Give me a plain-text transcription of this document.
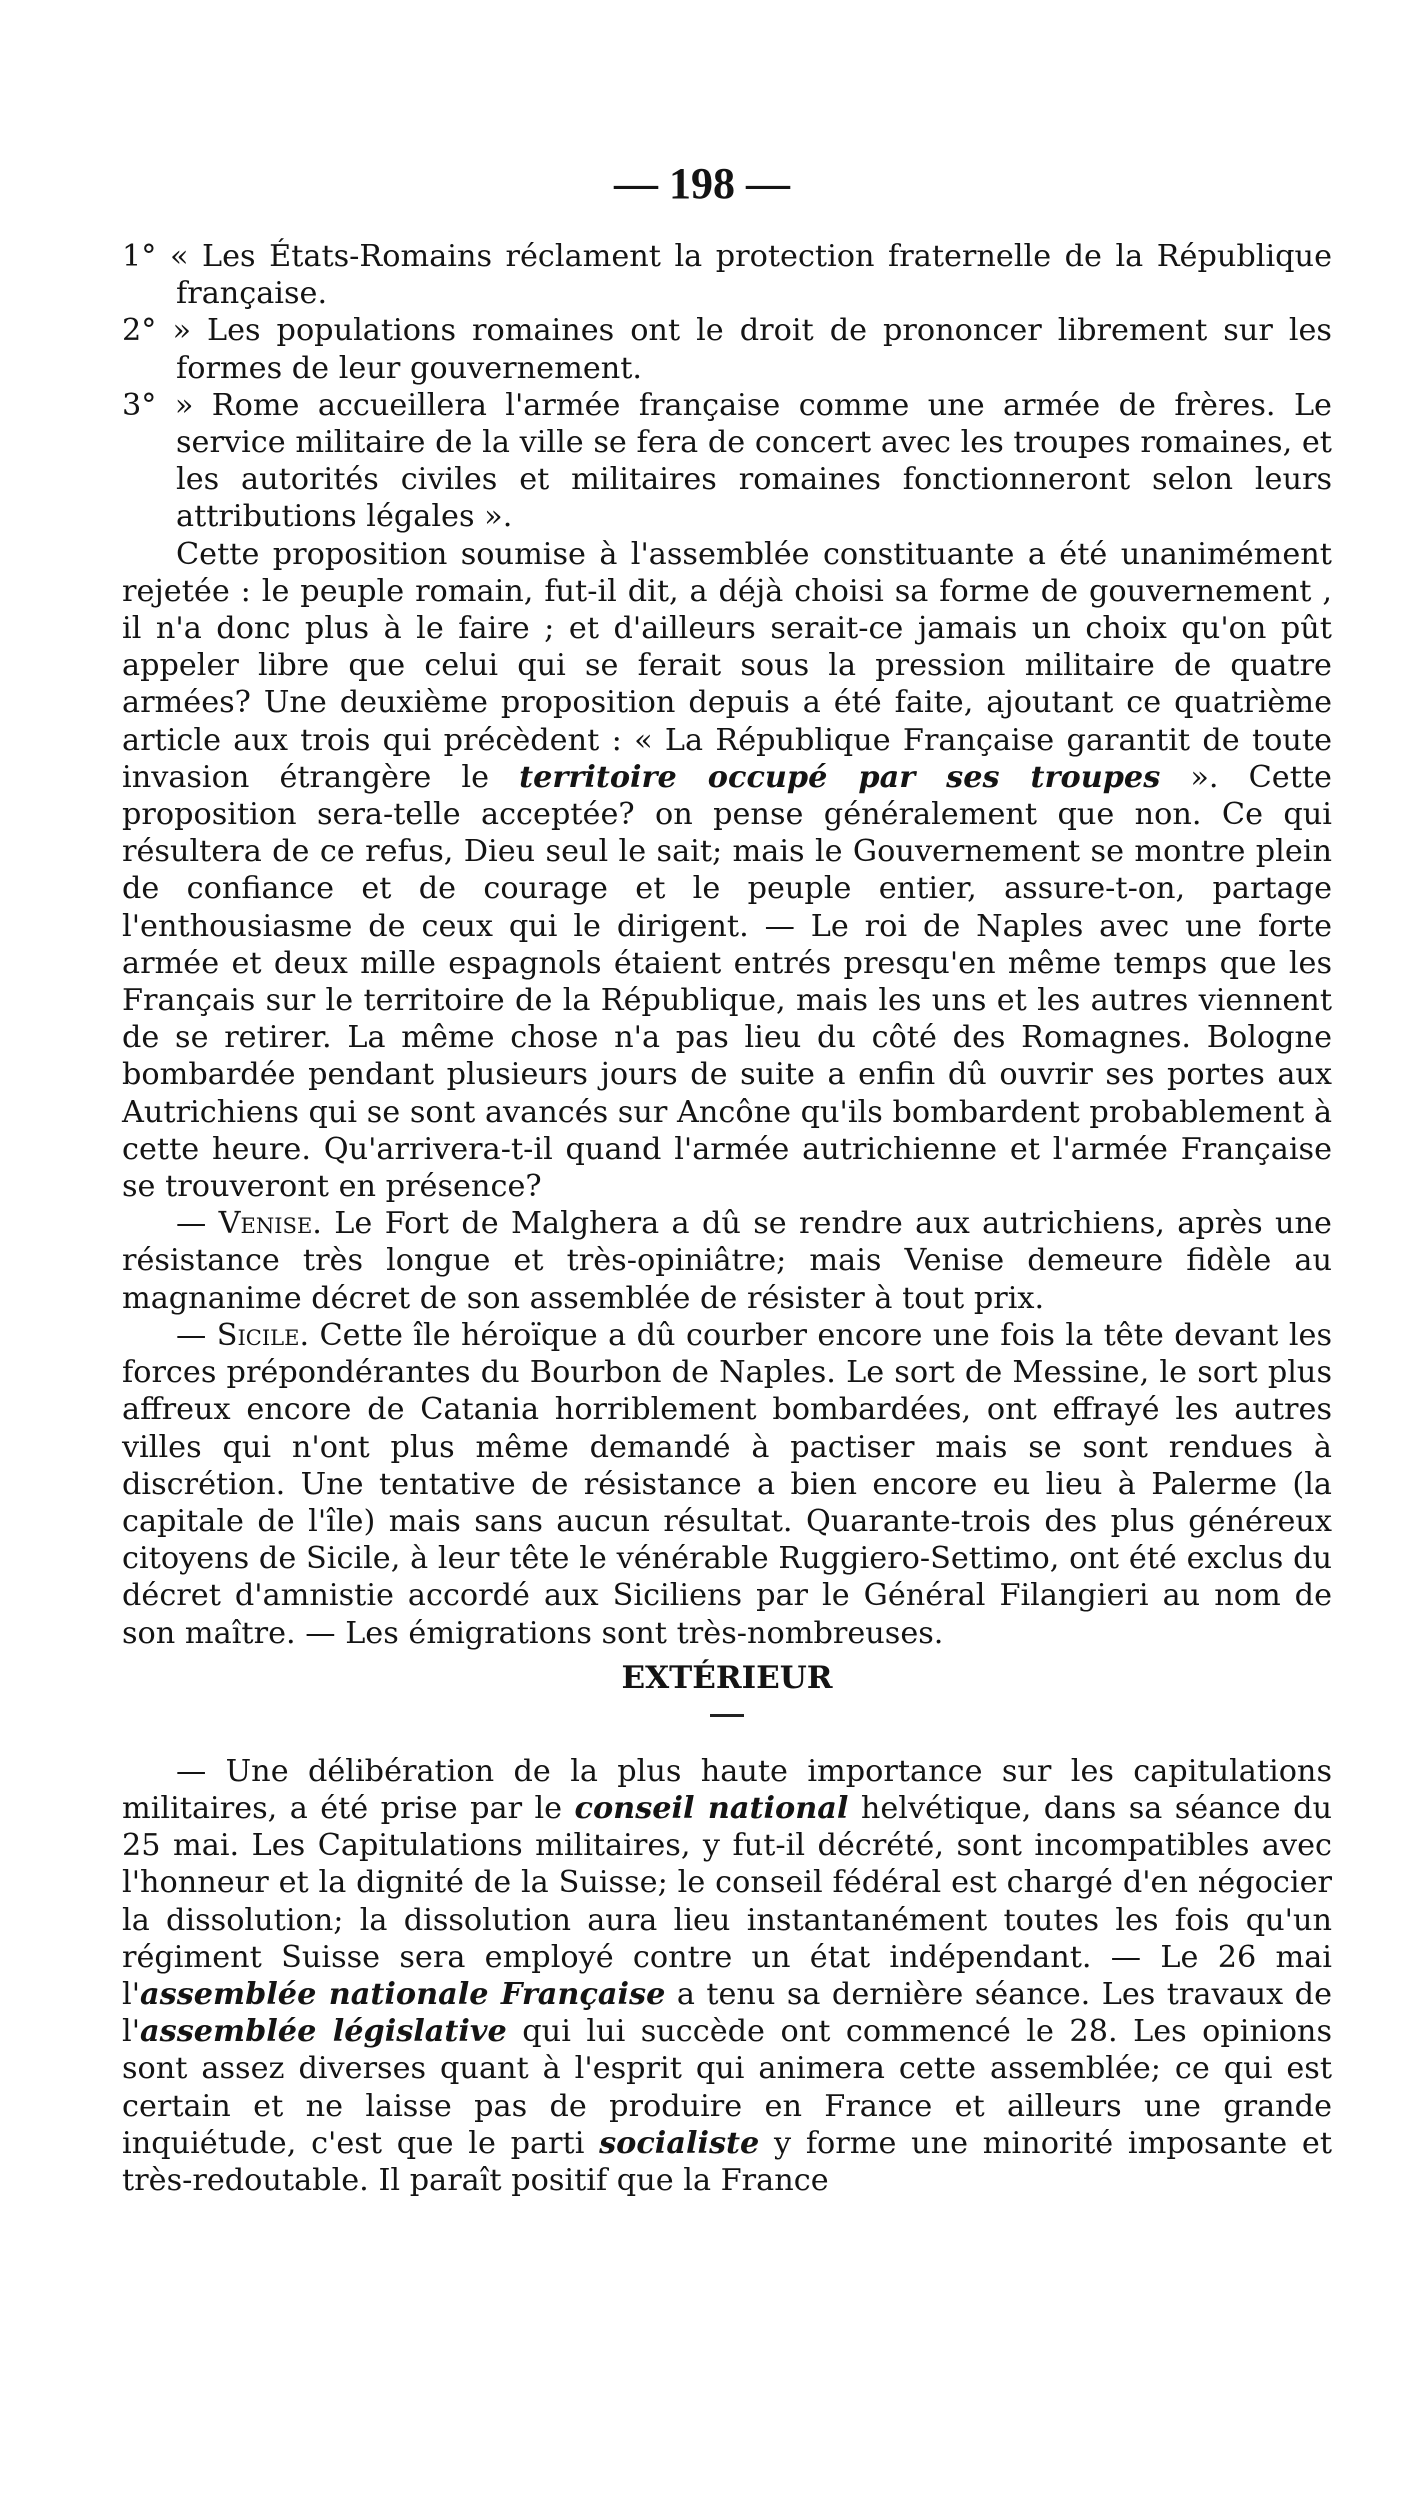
— 198 —

1° « Les États-Romains réclament la protection fraternelle de la République française.

2° » Les populations romaines ont le droit de prononcer librement sur les formes de leur gouvernement.

3° » Rome accueillera l'armée française comme une armée de frères. Le service militaire de la ville se fera de concert avec les troupes romaines, et les autorités civiles et militaires romaines fonctionneront selon leurs attributions légales ».

Cette proposition soumise à l'assemblée constituante a été unanimément rejetée : le peuple romain, fut-il dit, a déjà choisi sa forme de gouvernement , il n'a donc plus à le faire ; et d'ailleurs serait-ce jamais un choix qu'on pût appeler libre que celui qui se ferait sous la pression militaire de quatre armées? Une deuxième proposition depuis a été faite, ajoutant ce quatrième article aux trois qui précèdent : « La République Française garantit de toute invasion étrangère le territoire occupé par ses troupes ». Cette proposition sera-telle acceptée? on pense généralement que non. Ce qui résultera de ce refus, Dieu seul le sait; mais le Gouvernement se montre plein de confiance et de courage et le peuple entier, assure-t-on, partage l'enthousiasme de ceux qui le dirigent. — Le roi de Naples avec une forte armée et deux mille espagnols étaient entrés presqu'en même temps que les Français sur le territoire de la République, mais les uns et les autres viennent de se retirer. La même chose n'a pas lieu du côté des Romagnes. Bologne bombardée pendant plusieurs jours de suite a enfin dû ouvrir ses portes aux Autrichiens qui se sont avancés sur Ancône qu'ils bombardent probablement à cette heure. Qu'arrivera-t-il quand l'armée autrichienne et l'armée Française se trouveront en présence?

— Venise. Le Fort de Malghera a dû se rendre aux autrichiens, après une résistance très longue et très-opiniâtre; mais Venise demeure fidèle au magnanime décret de son assemblée de résister à tout prix.

— Sicile. Cette île héroïque a dû courber encore une fois la tête devant les forces prépondérantes du Bourbon de Naples. Le sort de Messine, le sort plus affreux encore de Catania horriblement bombardées, ont effrayé les autres villes qui n'ont plus même demandé à pactiser mais se sont rendues à discrétion. Une tentative de résistance a bien encore eu lieu à Palerme (la capitale de l'île) mais sans aucun résultat. Quarante-trois des plus généreux citoyens de Sicile, à leur tête le vénérable Ruggiero-Settimo, ont été exclus du décret d'amnistie accordé aux Siciliens par le Général Filangieri au nom de son maître. — Les émigrations sont très-nombreuses.

EXTÉRIEUR

— Une délibération de la plus haute importance sur les capitulations militaires, a été prise par le conseil national helvétique, dans sa séance du 25 mai. Les Capitulations militaires, y fut-il décrété, sont incompatibles avec l'honneur et la dignité de la Suisse; le conseil fédéral est chargé d'en négocier la dissolution; la dissolution aura lieu instantanément toutes les fois qu'un régiment Suisse sera employé contre un état indépendant. — Le 26 mai l'assemblée nationale Française a tenu sa dernière séance. Les travaux de l'assemblée législative qui lui succède ont commencé le 28. Les opinions sont assez diverses quant à l'esprit qui animera cette assemblée; ce qui est certain et ne laisse pas de produire en France et ailleurs une grande inquiétude, c'est que le parti socialiste y forme une minorité imposante et très-redoutable. Il paraît positif que la France
